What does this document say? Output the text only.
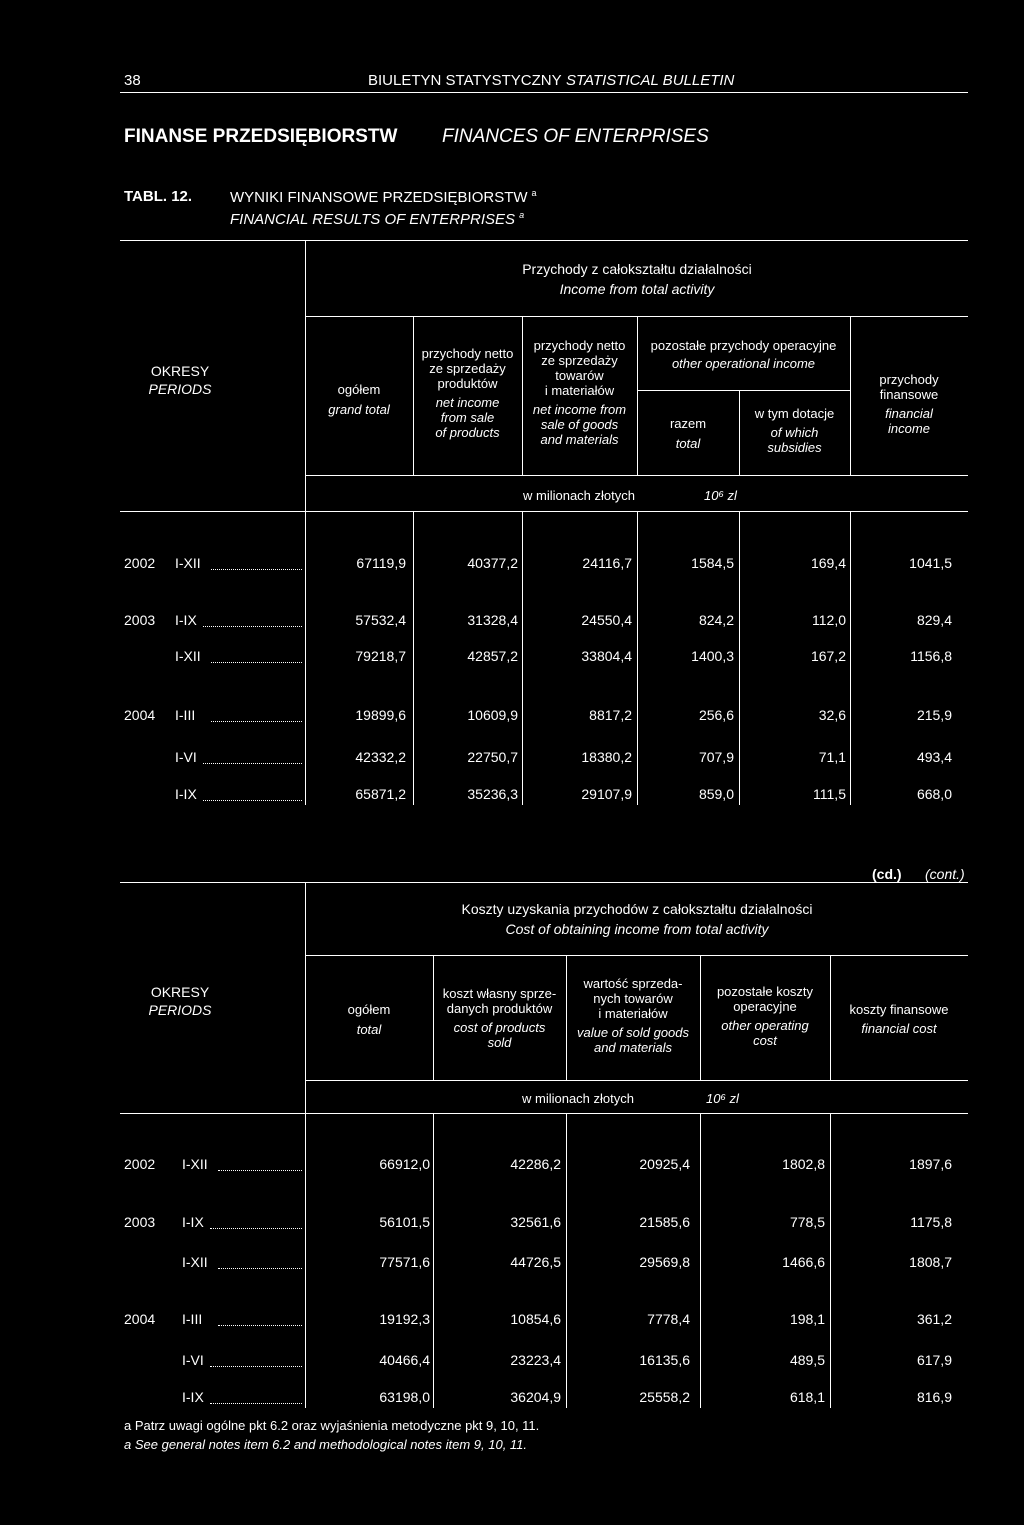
38	BIULETYN STATYSTYCZNY STATISTICAL BULLETIN
FINANSE PRZEDSIĘBIORSTW FINANCES OF ENTERPRISES
TABL. 12.	WYNIKI FINANSOWE PRZEDSIĘBIORSTW $^a$
FINANCIAL RESULTS OF ENTERPRISES $^a$
Przychody z całokształtu działalności
Income from total activity
OKRESY
PERIODS	ogółem
grand total
przychody netto
ze sprzedaży
produktów
net income
from sale
of products
przychody netto
ze sprzedaży
towarów
i materiałów
net income from
sale of goods
and materials
pozostałe przychody operacyjne
other operational income
razem
total
w tym dotacje
of which
subsidies
przychody
finansowe
financial
income
w milionach złotych	10⁶ zl
2002 I-XII	67119,9	40377,2	24116,7	1584,5	169,4	1041,5
2003 I-IX	57532,4	31328,4	24550,4	824,2	112,0	829,4
I-XII	79218,7	42857,2	33804,4	1400,3	167,2	1156,8
2004 I-III	19899,6	10609,9	8817,2	256,6	32,6	215,9
I-VI	42332,2	22750,7	18380,2	707,9	71,1	493,4
I-IX	65871,2	35236,3	29107,9	859,0	111,5	668,0
(cd.) (cont.)
Koszty uzyskania przychodów z całokształtu działalności
Cost of obtaining income from total activity
OKRESY
PERIODS	ogółem
total
koszt własny sprze-
danych produktów
cost of products
sold
wartość sprzeda-
nych towarów
i materiałów
value of sold goods
and materials
pozostałe koszty
operacyjne
other operating
cost
koszty finansowe
financial cost
w milionach złotych	10⁶ zl
2002 I-XII	66912,0	42286,2	20925,4	1802,8	1897,6
2003 I-IX	56101,5	32561,6	21585,6	778,5	1175,8
I-XII	77571,6	44726,5	29569,8	1466,6	1808,7
2004 I-III	19192,3	10854,6	7778,4	198,1	361,2
I-VI	40466,4	23223,4	16135,6	489,5	617,9
I-IX	63198,0	36204,9	25558,2	618,1	816,9
a Patrz uwagi ogólne pkt 6.2 oraz wyjaśnienia metodyczne pkt 9, 10, 11.
a See general notes item 6.2 and methodological notes item 9, 10, 11.
